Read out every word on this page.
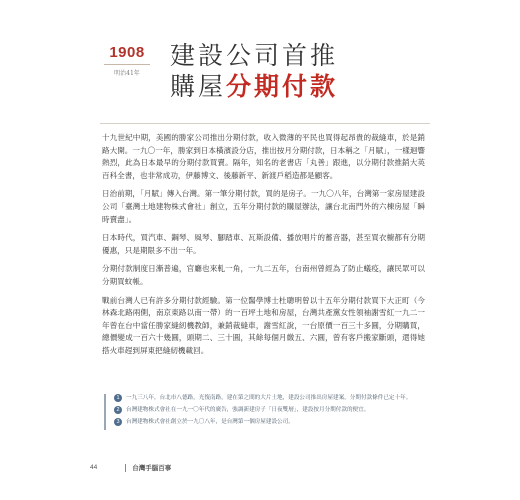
1908
明治41年
建設公司首推
購屋分期付款

十九世紀中期，美國的勝家公司推出分期付款，收入微薄的平民也買得起昂貴的裁縫車，於是銷路大開。一九〇一年，勝家到日本橫濱設分店，推出按月分期付款，日本稱之「月賦」，一樣迴響熱烈，此為日本最早的分期付款買賣。隔年，知名的老書店「丸善」跟進，以分期付款推銷大英百科全書，也非常成功，伊藤博文、後藤新平、新渡戶稻造都是顧客。

日治前期，「月賦」傳入台灣。第一筆分期付款，買的是房子。一九〇八年，台灣第一家房屋建設公司「臺灣土地建物株式會社」創立，五年分期付款的購屋辦法，讓台北南門外的六棟房屋「瞬時賣盡」。

日本時代，買汽車、鋼琴、風琴、腳踏車、瓦斯設備、播放唱片的蓄音器，甚至買衣櫥都有分期優惠，只是期限多不出一年。

分期付款制度日漸普遍，官廳也來軋一角，一九二五年，台南州曾經為了防止蟻疫，讓民眾可以分期買蚊帳。

戰前台灣人已有許多分期付款經驗。第一位醫學博士杜聰明曾以十五年分期付款買下大正町（今林森北路兩側，南京東路以南一帶）的一百坪土地和房屋，台灣共產黨女性領袖謝雪紅一九二一年曾在台中當任勝家縫紉機教師，兼銷裁縫車，謝雪紅說，一台原價一百三十多圓，分期購買，總價變成一百六十幾圓，頭期二、三十圓，其餘每個月繳五、六圓，曾有客戶搬家斷頭，還得她搭火車趕到屏東把縫紉機載回。

1	一九三八年，台北市八德路，光復南路，建在第之間的大片土地，建設公司推出房屋建案，分期付款條件已定十年。
2	台灣建物株式會社在一九一〇年代的廣告，強調新建房子「日夜雙層」，建設按月分期付款的便宜。
3	台灣建物株式會社創立於一九〇八年，是台灣第一個房屋建設公司。
44	台灣手腦百事
